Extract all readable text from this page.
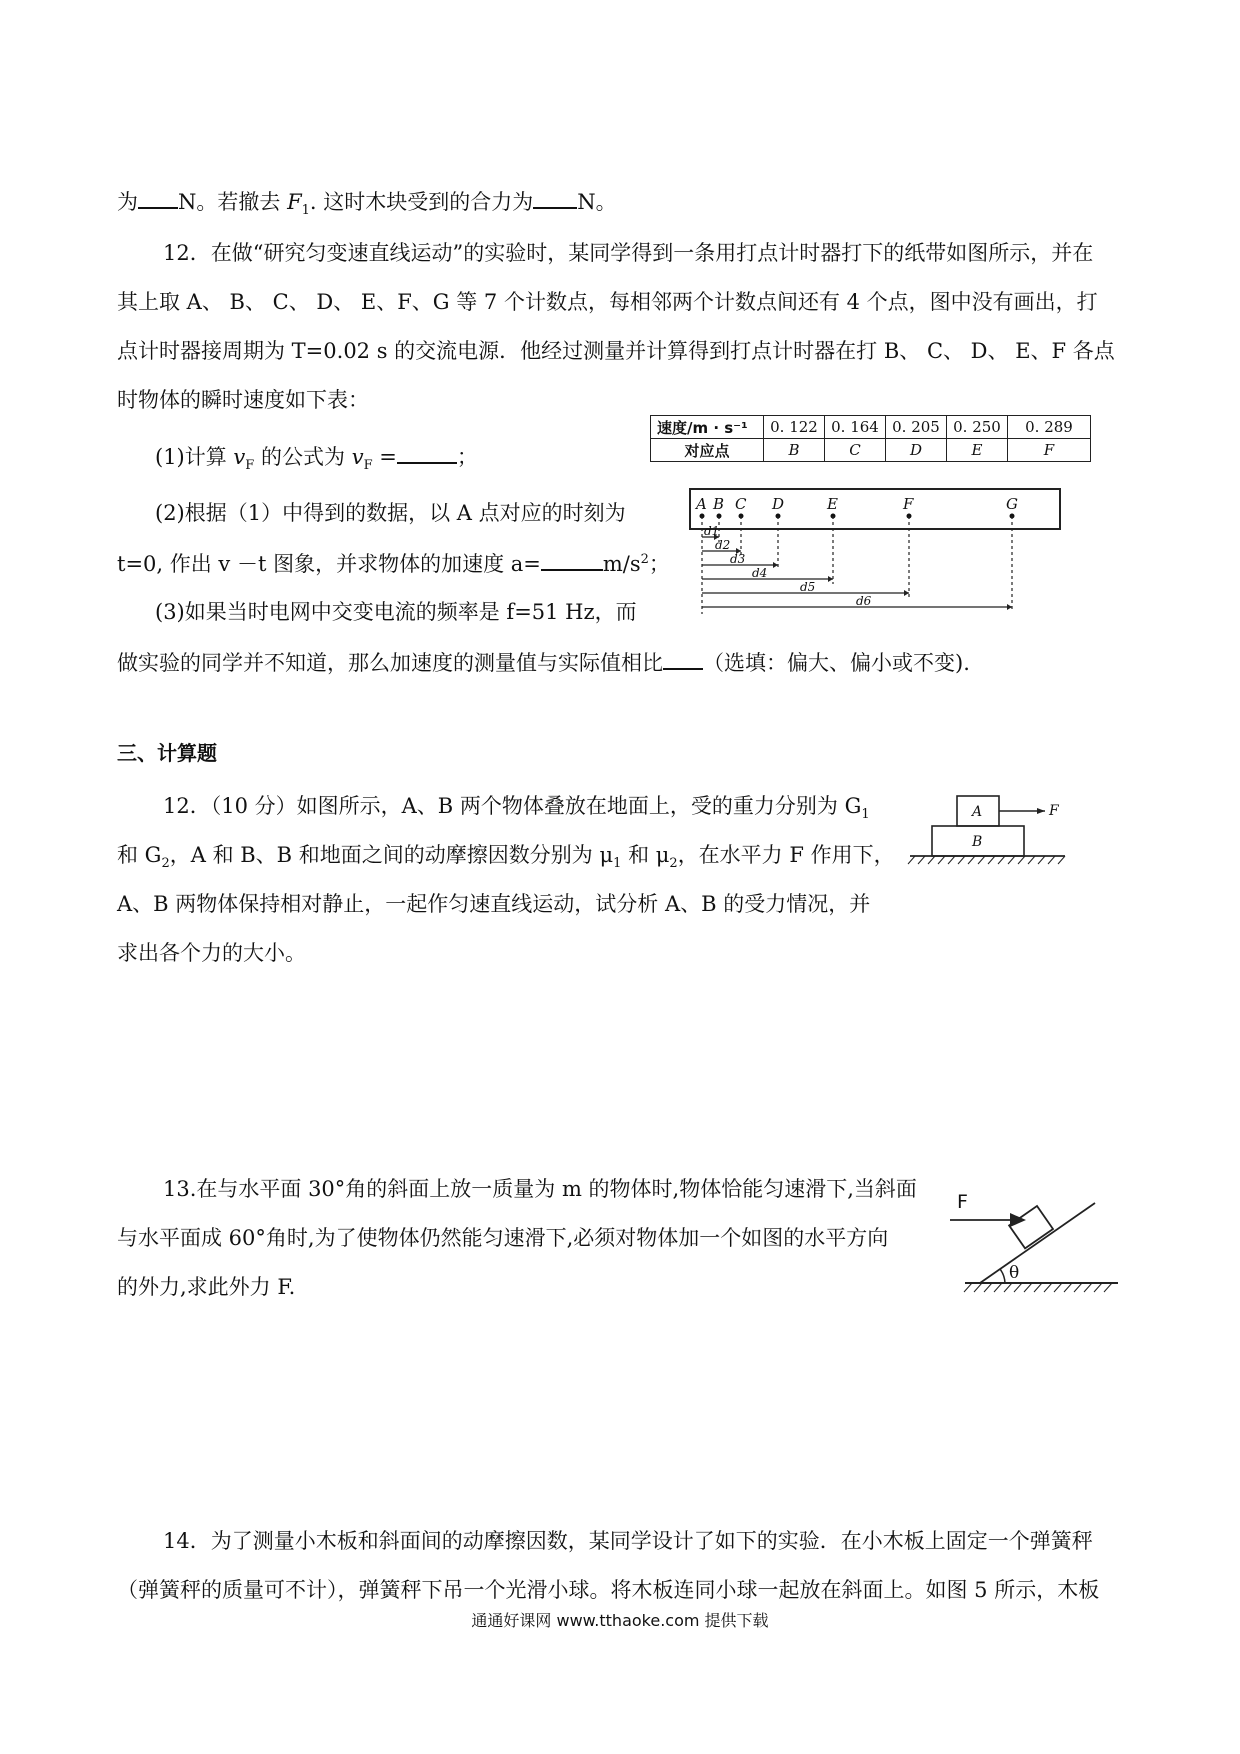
为 N。若撤去 $F_1$. 这时木块受到的合力为 N。
12．在做“研究匀变速直线运动”的实验时，某同学得到一条用打点计时器打下的纸带如图所示，并在
其上取 A、 B、 C、 D、 E、F、G 等 7 个计数点，每相邻两个计数点间还有 4 个点，图中没有画出，打
点计时器接周期为 T=0.02 s 的交流电源．他经过测量并计算得到打点计时器在打 B、 C、 D、 E、F 各点
时物体的瞬时速度如下表：
(1)计算 $v_F$ 的公式为 $v_F$ =	；
(2)根据（1）中得到的数据，以 A 点对应的时刻为
t=0, 作出 v －t 图象，并求物体的加速度 a=	$m/s^2$；
(3)如果当时电网中交变电流的频率是 f=51 Hz，而
做实验的同学并不知道，那么加速度的测量值与实际值相比 （选填：偏大、偏小或不变).
速度/m · s⁻¹	0. 122	0. 164	0. 205	0. 250	0. 289
对应点	B	C	D	E	F
A B C D	E	F	G
d1
d2
d3
d4
d5
d6
三、计算题
12．（10 分）如图所示，A、B 两个物体叠放在地面上，受的重力分别为 $G_1$
和 $G_2$，A 和 B、B 和地面之间的动摩擦因数分别为 $\mu_1$ 和 $\mu_2$，在水平力 F 作用下，
A、B 两物体保持相对静止，一起作匀速直线运动，试分析 A、B 的受力情况，并
求出各个力的大小。
A
B
F
13.在与水平面 30°角的斜面上放一质量为 m 的物体时,物体恰能匀速滑下,当斜面
与水平面成 60°角时,为了使物体仍然能匀速滑下,必须对物体加一个如图的水平方向
的外力,求此外力 F.
F
θ
14．为了测量小木板和斜面间的动摩擦因数，某同学设计了如下的实验．在小木板上固定一个弹簧秤
（弹簧秤的质量可不计），弹簧秤下吊一个光滑小球。将木板连同小球一起放在斜面上。如图 5 所示，木板
通通好课网 www.tthaoke.com 提供下载
